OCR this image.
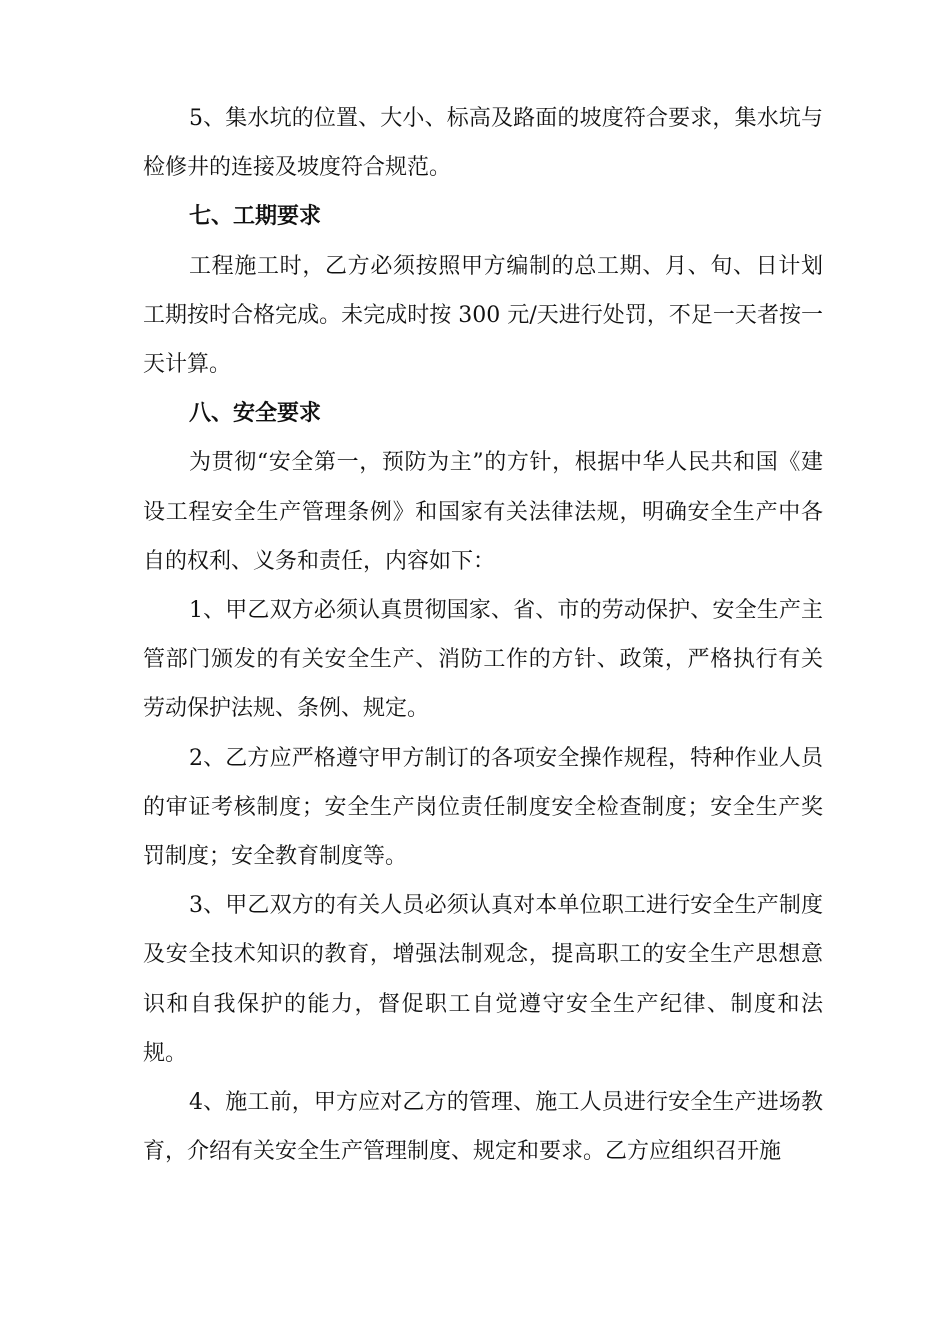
5、集水坑的位置、大小、标高及路面的坡度符合要求，集水坑与检修井的连接及坡度符合规范。

七、工期要求

工程施工时，乙方必须按照甲方编制的总工期、月、旬、日计划工期按时合格完成。未完成时按 300 元/天进行处罚，不足一天者按一天计算。

八、安全要求

为贯彻“安全第一，预防为主”的方针，根据中华人民共和国《建设工程安全生产管理条例》和国家有关法律法规，明确安全生产中各自的权利、义务和责任，内容如下：

1、甲乙双方必须认真贯彻国家、省、市的劳动保护、安全生产主管部门颁发的有关安全生产、消防工作的方针、政策，严格执行有关劳动保护法规、条例、规定。

2、乙方应严格遵守甲方制订的各项安全操作规程，特种作业人员的审证考核制度；安全生产岗位责任制度安全检查制度；安全生产奖罚制度；安全教育制度等。

3、甲乙双方的有关人员必须认真对本单位职工进行安全生产制度及安全技术知识的教育，增强法制观念，提高职工的安全生产思想意识和自我保护的能力，督促职工自觉遵守安全生产纪律、制度和法规。

4、施工前，甲方应对乙方的管理、施工人员进行安全生产进场教育，介绍有关安全生产管理制度、规定和要求。乙方应组织召开施
